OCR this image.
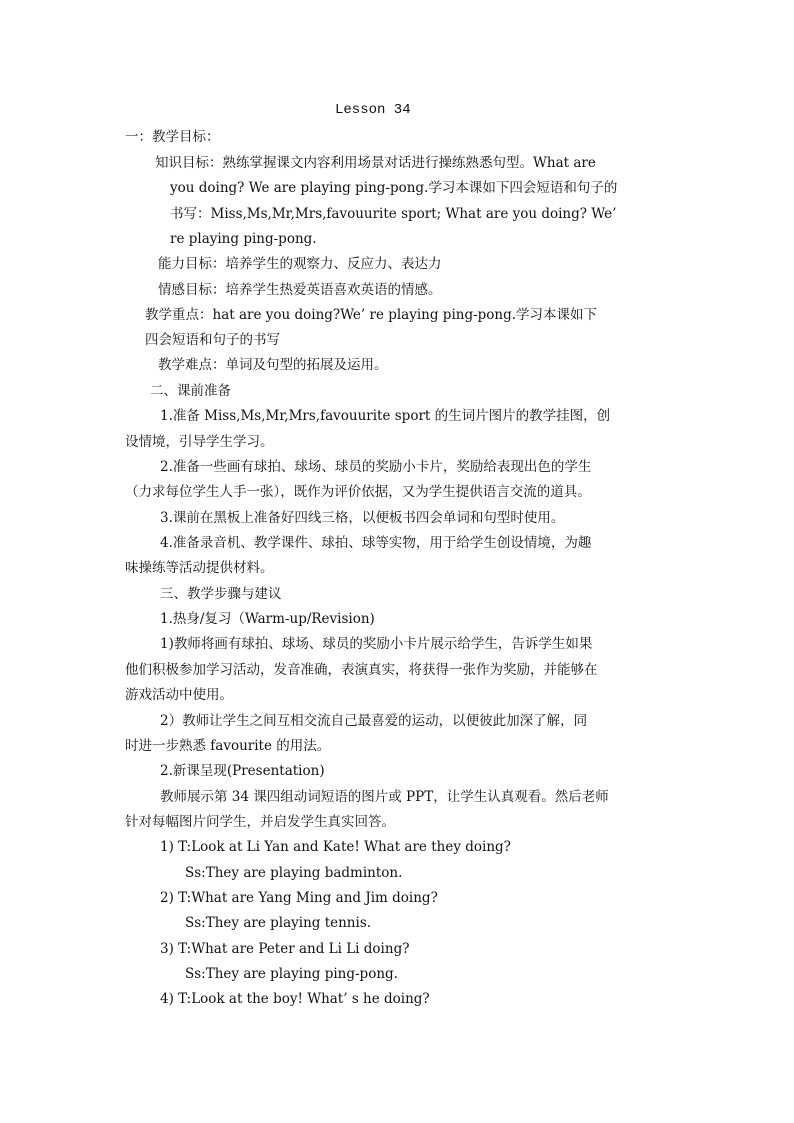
Lesson 34
一：教学目标：
知识目标：熟练掌握课文内容利用场景对话进行操练熟悉句型。What are
you doing? We are playing ping-pong.学习本课如下四会短语和句子的
书写：Miss,Ms,Mr,Mrs,favouurite sport; What are you doing? We’
re playing ping-pong.
能力目标：培养学生的观察力、反应力、表达力
情感目标：培养学生热爱英语喜欢英语的情感。
教学重点：hat are you doing?We’ re playing ping-pong.学习本课如下
四会短语和句子的书写
教学难点：单词及句型的拓展及运用。
二、课前准备
1.准备 Miss,Ms,Mr,Mrs,favouurite sport 的生词片图片的教学挂图，创
设情境，引导学生学习。
2.准备一些画有球拍、球场、球员的奖励小卡片，奖励给表现出色的学生
（力求每位学生人手一张），既作为评价依据，又为学生提供语言交流的道具。
3.课前在黑板上准备好四线三格，以便板书四会单词和句型时使用。
4.准备录音机、教学课件、球拍、球等实物，用于给学生创设情境，为趣
味操练等活动提供材料。
三、教学步骤与建议
1.热身/复习（Warm-up/Revision)
1)教师将画有球拍、球场、球员的奖励小卡片展示给学生，告诉学生如果
他们积极参加学习活动，发音准确，表演真实，将获得一张作为奖励，并能够在
游戏活动中使用。
2）教师让学生之间互相交流自己最喜爱的运动，以便彼此加深了解，同
时进一步熟悉 favourite 的用法。
2.新课呈现(Presentation)
教师展示第 34 课四组动词短语的图片或 PPT，让学生认真观看。然后老师
针对每幅图片问学生，并启发学生真实回答。
1) T:Look at Li Yan and Kate! What are they doing?
Ss:They are playing badminton.
2) T:What are Yang Ming and Jim doing?
Ss:They are playing tennis.
3) T:What are Peter and Li Li doing?
Ss:They are playing ping-pong.
4) T:Look at the boy! What’ s he doing?
